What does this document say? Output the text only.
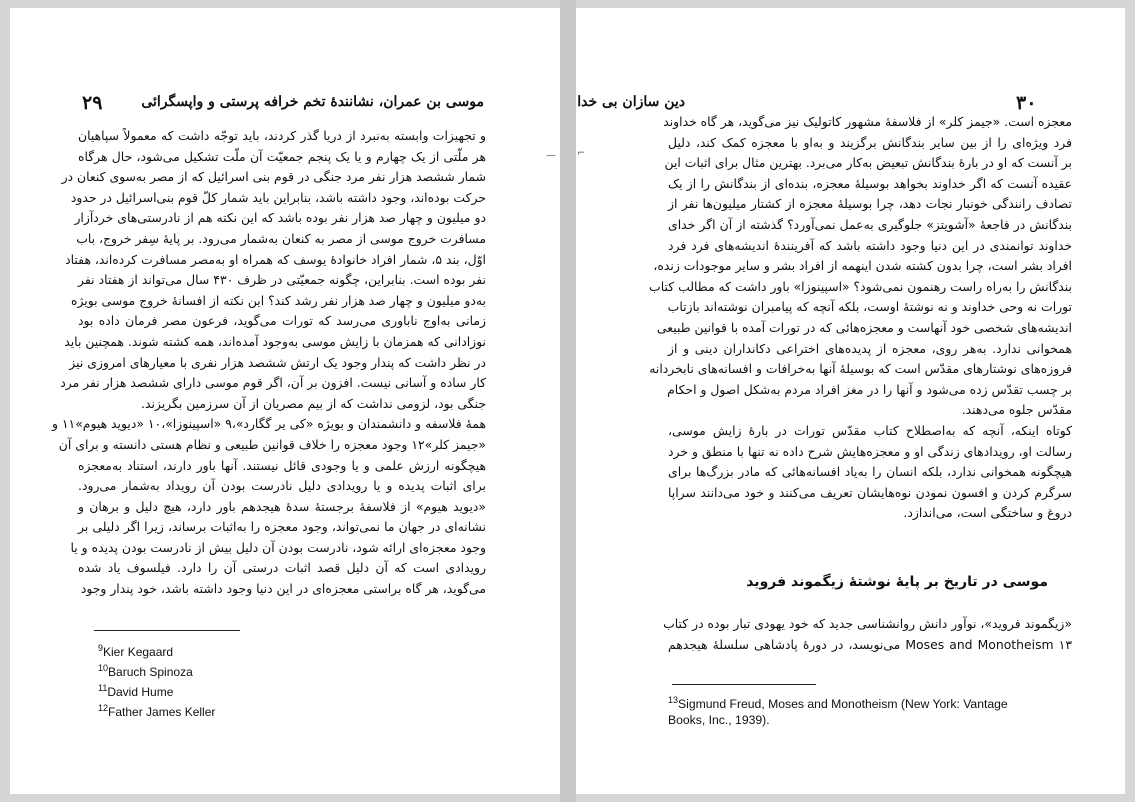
۲۹	موسی بن عمران، نشانندهٔ تخم خرافه پرستی و واپسگرائی

و تجهیزات وابسته به‌نبرد از دریا گذر کردند، باید توجّه داشت که معمولاً سپاهیان

هر ملّتی از یک چهارم و یا یک پنجم جمعیّت آن ملّت تشکیل می‌شود، حال هرگاه

شمار ششصد هزار نفر مرد جنگی در قوم بنی اسرائیل که از مصر به‌سوی کنعان در

حرکت بوده‌اند، وجود داشته باشد، بنابراین باید شمار کلّ قوم بنی‌اسرائیل در حدود

دو میلیون و چهار صد هزار نفر بوده باشد که این نکته هم از نادرستی‌های خردآزار

مسافرت خروج موسی از مصر به کنعان به‌شمار می‌رود. بر پایهٔ سِفر خروج، باب

اوّل، بند ۵، شمار افراد خانوادهٔ یوسف که همراه او به‌مصر مسافرت کرده‌اند، هفتاد

نفر بوده است. بنابراین، چگونه جمعیّتی در ظرف ۴۳۰ سال می‌تواند از هفتاد نفر

به‌دو میلیون و چهار صد هزار نفر رشد کند؟ این نکته از افسانهٔ خروج موسی بویژه

زمانی به‌اوج ناباوری می‌رسد که تورات می‌گوید، فرعون مصر فرمان داده بود

نوزادانی که همزمان با زایش موسی به‌وجود آمده‌اند، همه کشته شوند. همچنین باید

در نظر داشت که پندار وجود یک ارتش ششصد هزار نفری با معیارهای امروزی نیز

کار ساده و آسانی نیست. افزون بر آن، اگر قوم موسی دارای ششصد هزار نفر مرد

جنگی بود، لزومی نداشت که از بیم مصریان از آن سرزمین بگریزند.

همهٔ فلاسفه و دانشمندان و بویژه «کی یر گگارد»،۹ «اسپینوزا»،۱۰ «دیوید هیوم»۱۱ و

«جیمز کلر»۱۲ وجود معجزه را خلاف قوانین طبیعی و نظام هستی دانسته و برای آن

هیچگونه ارزش علمی و یا وجودی قائل نیستند. آنها باور دارند، استناد به‌معجزه

برای اثبات پدیده و یا رویدادی دلیل نادرست بودن آن رویداد به‌شمار می‌رود.

«دیوید هیوم» از فلاسفهٔ برجستهٔ سدهٔ هیجدهم باور دارد، هیچ دلیل و برهان و

نشانه‌ای در جهان ما نمی‌تواند، وجود معجزه را به‌اثبات برساند، زیرا اگر دلیلی بر

وجود معجزه‌ای ارائه شود، نادرست بودن آن دلیل بیش از نادرست بودن پدیده و یا

رویدادی است که آن دلیل قصد اثبات درستی آن را دارد. فیلسوف یاد شده

می‌گوید، هر گاه براستی معجزه‌ای در این دنیا وجود داشته باشد، خود پندار وجود

$^9$Kier Kegaard
$^{10}$Baruch Spinoza
$^{11}$David Hume
$^{12}$Father James Keller
— ⌐
دین سازان بی خدا	۳۰

معجزه است. «جیمز کلر» از فلاسفهٔ مشهور کاتولیک نیز می‌گوید، هر گاه خداوند

فرد ویژه‌ای را از بین سایر بندگانش برگزیند و به‌او با معجزه کمک کند، دلیل

بر آنست که او در بارهٔ بندگانش تبعیض به‌کار می‌برد. بهترین مثال برای اثبات این

عقیده آنست که اگر خداوند بخواهد بوسیلهٔ معجزه، بنده‌ای از بندگانش را از یک

تصادف رانندگی خونبار نجات دهد، چرا بوسیلهٔ معجزه از کشتار میلیون‌ها نفر از

بندگانش در فاجعهٔ «آشویتز» جلوگیری به‌عمل نمی‌آورد؟ گذشته از آن اگر خدای

خداوند توانمندی در این دنیا وجود داشته باشد که آفرینندهٔ اندیشه‌های فرد فرد

افراد بشر است، چرا بدون کشته شدن اینهمه از افراد بشر و سایر موجودات زنده،

بندگانش را به‌راه راست رهنمون نمی‌شود؟ «اسپینوزا» باور داشت که مطالب کتاب

تورات نه وحی خداوند و نه نوشتهٔ اوست، بلکه آنچه که پیامبران نوشته‌اند بازتاب

اندیشه‌های شخصی خود آنهاست و معجزه‌هائی که در تورات آمده با قوانین طبیعی

همخوانی ندارد. به‌هر روی، معجزه از پدیده‌های اختراعی دکانداران دینی و از

فروزه‌های نوشتارهای مقدّس است که بوسیلهٔ آنها به‌خرافات و افسانه‌های نابخردانه

بر چسب تقدّس زده می‌شود و آنها را در مغز افراد مردم به‌شکل اصول و احکام

مقدّس جلوه می‌دهند.

کوتاه اینکه، آنچه که به‌اصطلاح کتاب مقدّس تورات در بارهٔ زایش موسی،

رسالت او، رویدادهای زندگی او و معجزه‌هایش شرح داده نه تنها با منطق و خرد

هیچگونه همخوانی ندارد، بلکه انسان را به‌یاد افسانه‌هائی که مادر بزرگ‌ها برای

سرگرم کردن و افسون نمودن نوه‌هایشان تعریف می‌کنند و خود می‌دانند سراپا

دروغ و ساختگی است، می‌اندازد.

موسی در تاریخ بر پایهٔ نوشتهٔ زیگموند فروید

«زیگموند فروید»، نوآور دانش روانشناسی جدید که خود یهودی تبار بوده در کتاب

Moses and Monotheism ۱۳ می‌نویسد، در دورهٔ پادشاهی سلسلهٔ هیجدهم

$^{13}$Sigmund Freud, Moses and Monotheism (New York: Vantage
Books, Inc., 1939).
